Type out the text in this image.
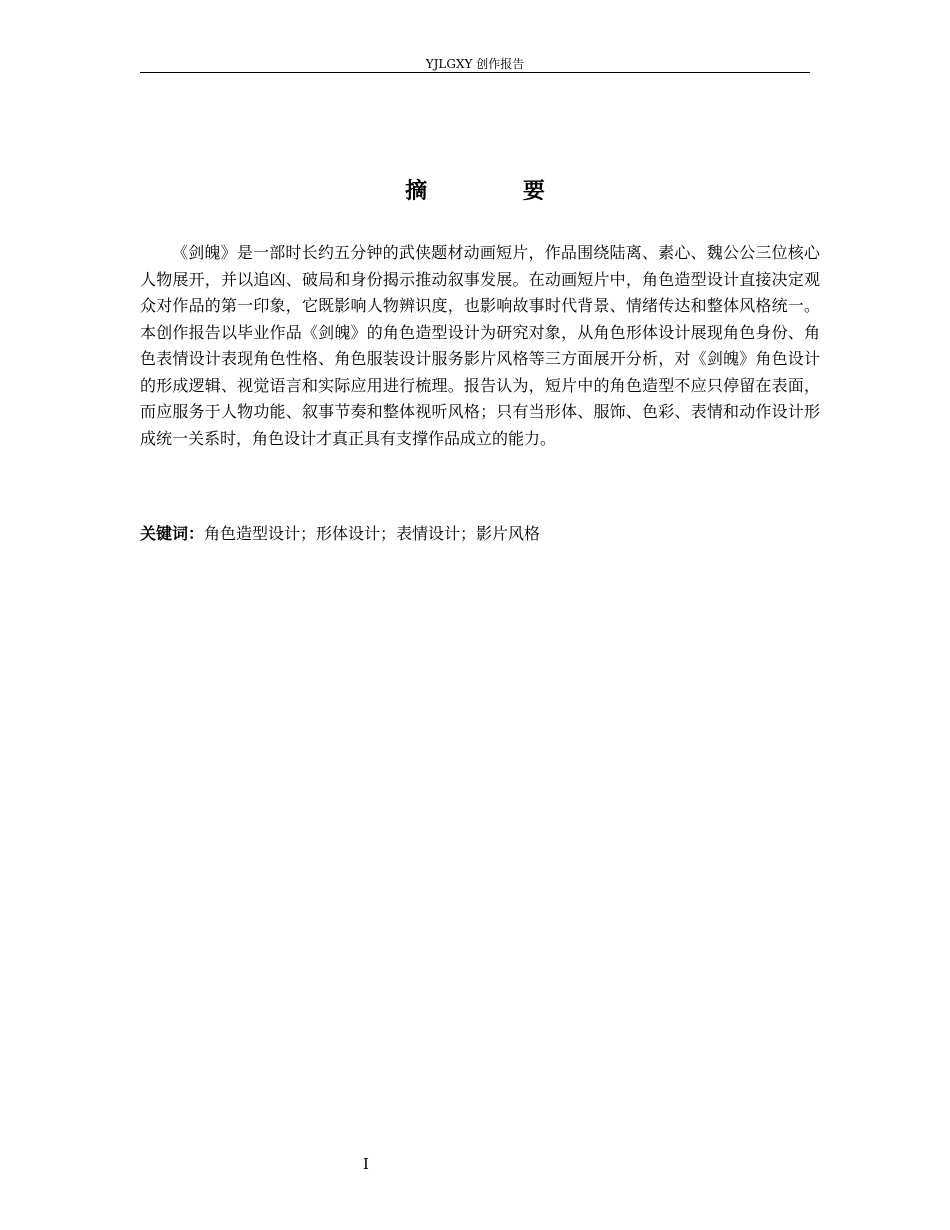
YJLGXY 创作报告
摘 要

《剑魄》是一部时长约五分钟的武侠题材动画短片，作品围绕陆离、素心、魏公公三位核心人物展开，并以追凶、破局和身份揭示推动叙事发展。在动画短片中，角色造型设计直接决定观众对作品的第一印象，它既影响人物辨识度，也影响故事时代背景、情绪传达和整体风格统一。本创作报告以毕业作品《剑魄》的角色造型设计为研究对象，从角色形体设计展现角色身份、角色表情设计表现角色性格、角色服装设计服务影片风格等三方面展开分析，对《剑魄》角色设计的形成逻辑、视觉语言和实际应用进行梳理。报告认为，短片中的角色造型不应只停留在表面，而应服务于人物功能、叙事节奏和整体视听风格；只有当形体、服饰、色彩、表情和动作设计形成统一关系时，角色设计才真正具有支撑作品成立的能力。

关键词：角色造型设计；形体设计；表情设计；影片风格

I
